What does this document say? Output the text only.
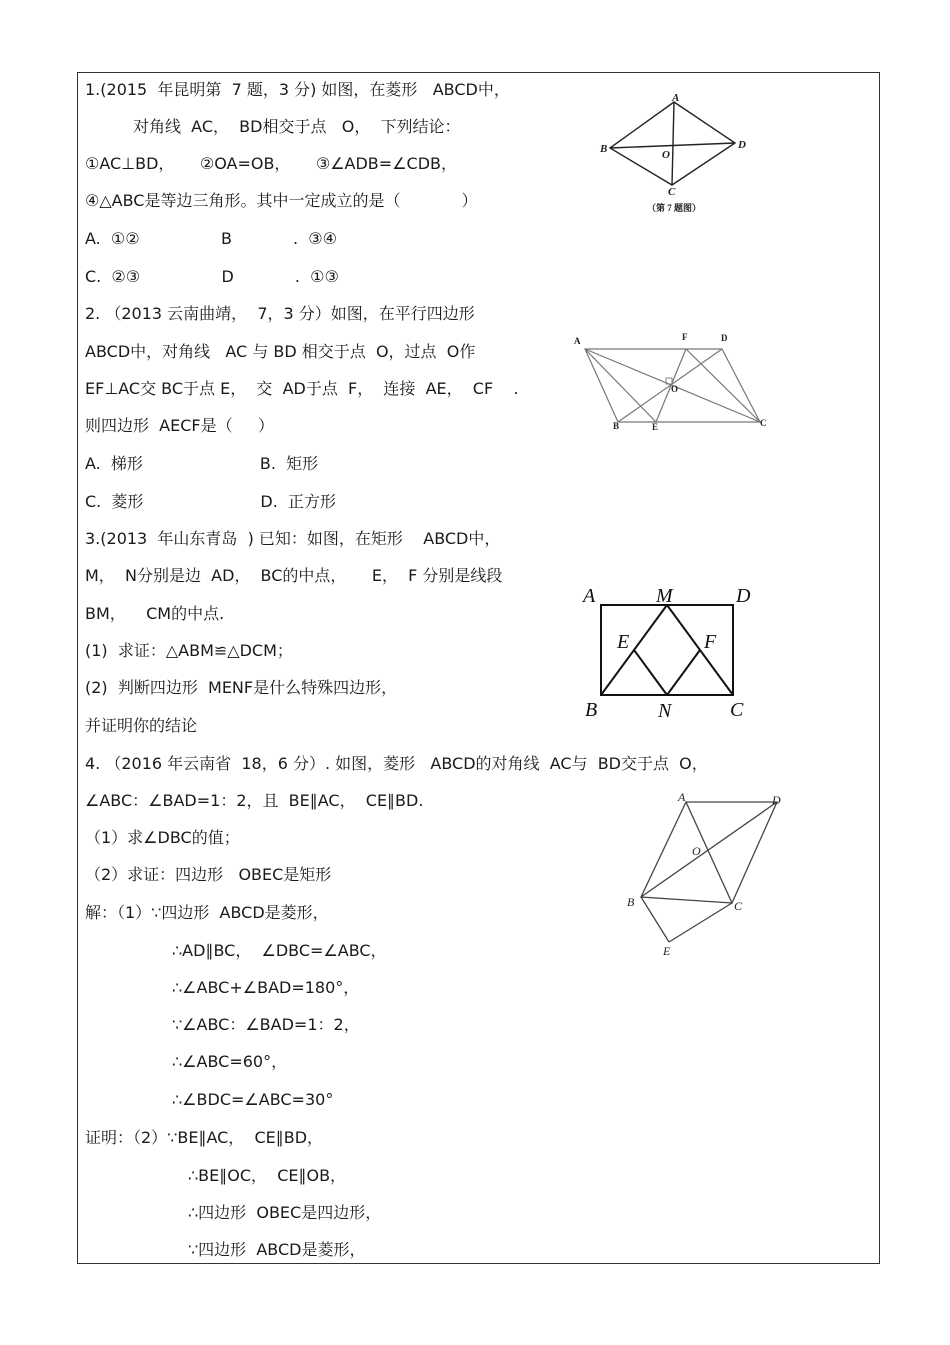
1.(2015  年昆明第  7 题，3 分) 如图，在菱形   ABCD中，
对角线  AC，  BD相交于点   O，  下列结论：
①AC⊥BD，     ②OA=OB，     ③∠ADB=∠CDB，
④△ABC是等边三角形。其中一定成立的是（            ）
A.  ①②                B            .  ③④
C.  ②③                D            .  ①③
A
B
C
D
O
（第 7 题图）
2. （2013 云南曲靖，  7，3 分）如图，在平行四边形
ABCD中，对角线   AC 与 BD 相交于点  O，过点  O作
EF⊥AC交 BC于点 E，  交  AD于点  F，  连接  AE，  CF    .
则四边形  AECF是（     ）
A.  梯形                       B.  矩形
C.  菱形                       D.  正方形
A	F	D
O
B	E	C
3.(2013  年山东青岛  ) 已知：如图，在矩形    ABCD中，
M，  N分别是边  AD，  BC的中点，     E，  F 分别是线段
BM，    CM的中点.
(1)  求证：△ABM≌△DCM；
(2)  判断四边形  MENF是什么特殊四边形，
并证明你的结论
A	M	D
E	F
B	N	C
4. （2016 年云南省  18，6 分）. 如图，菱形   ABCD的对角线  AC与  BD交于点  O，
∠ABC：∠BAD=1：2，且  BE∥AC，  CE∥BD.
（1）求∠DBC的值；
（2）求证：四边形   OBEC是矩形
解：（1）∵四边形  ABCD是菱形，
∴AD∥BC，  ∠DBC=∠ABC，
∴∠ABC+∠BAD=180°，
∵∠ABC：∠BAD=1：2，
∴∠ABC=60°，
∴∠BDC=∠ABC=30°
证明：（2）∵BE∥AC，  CE∥BD，
∴BE∥OC，  CE∥OB，
∴四边形  OBEC是四边形，
∵四边形  ABCD是菱形，
A	D
O
B	C
E
